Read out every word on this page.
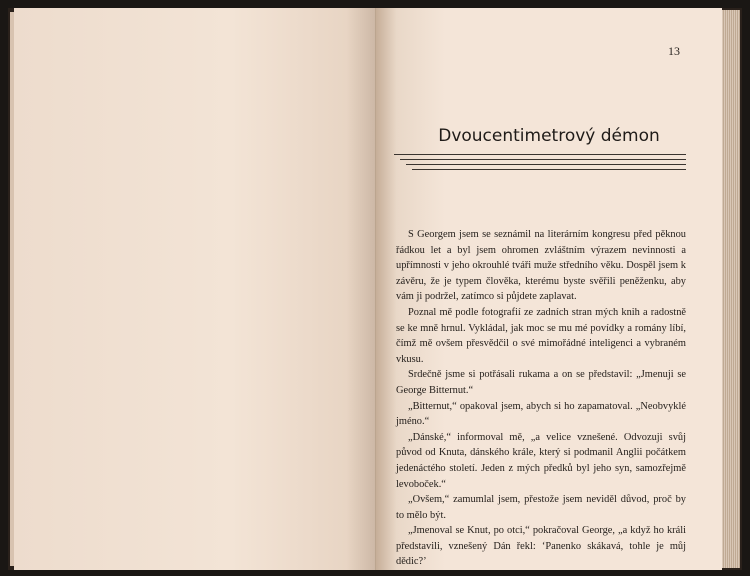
13
Dvoucentimetrový démon

S Georgem jsem se seznámil na literárním kongresu před pěknou řádkou let a byl jsem ohromen zvláštním výrazem nevinnosti a upřímnosti v jeho okrouhlé tváři muže středního věku. Dospěl jsem k závěru, že je typem člověka, kterému byste svěřili peněženku, aby vám ji podržel, zatímco si půjdete zaplavat.

Poznal mě podle fotografií ze zadních stran mých knih a radostně se ke mně hrnul. Vykládal, jak moc se mu mé povídky a romány líbí, čímž mě ovšem přesvědčil o své mimořádné inteligenci a vybraném vkusu.

Srdečně jsme si potřásali rukama a on se představil: „Jmenuji se George Bitternut.“

„Bitternut,“ opakoval jsem, abych si ho zapamatoval. „Neobvyklé jméno.“

„Dánské,“ informoval mě, „a velice vznešené. Odvozuji svůj původ od Knuta, dánského krále, který si podmanil Anglii počátkem jedenáctého století. Jeden z mých předků byl jeho syn, samozřejmě levoboček.“

„Ovšem,“ zamumlal jsem, přestože jsem neviděl důvod, proč by to mělo být.

„Jmenoval se Knut, po otci,“ pokračoval George, „a když ho králi představili, vznešený Dán řekl: ‘Panenko skákavá, tohle je můj dědic?’
